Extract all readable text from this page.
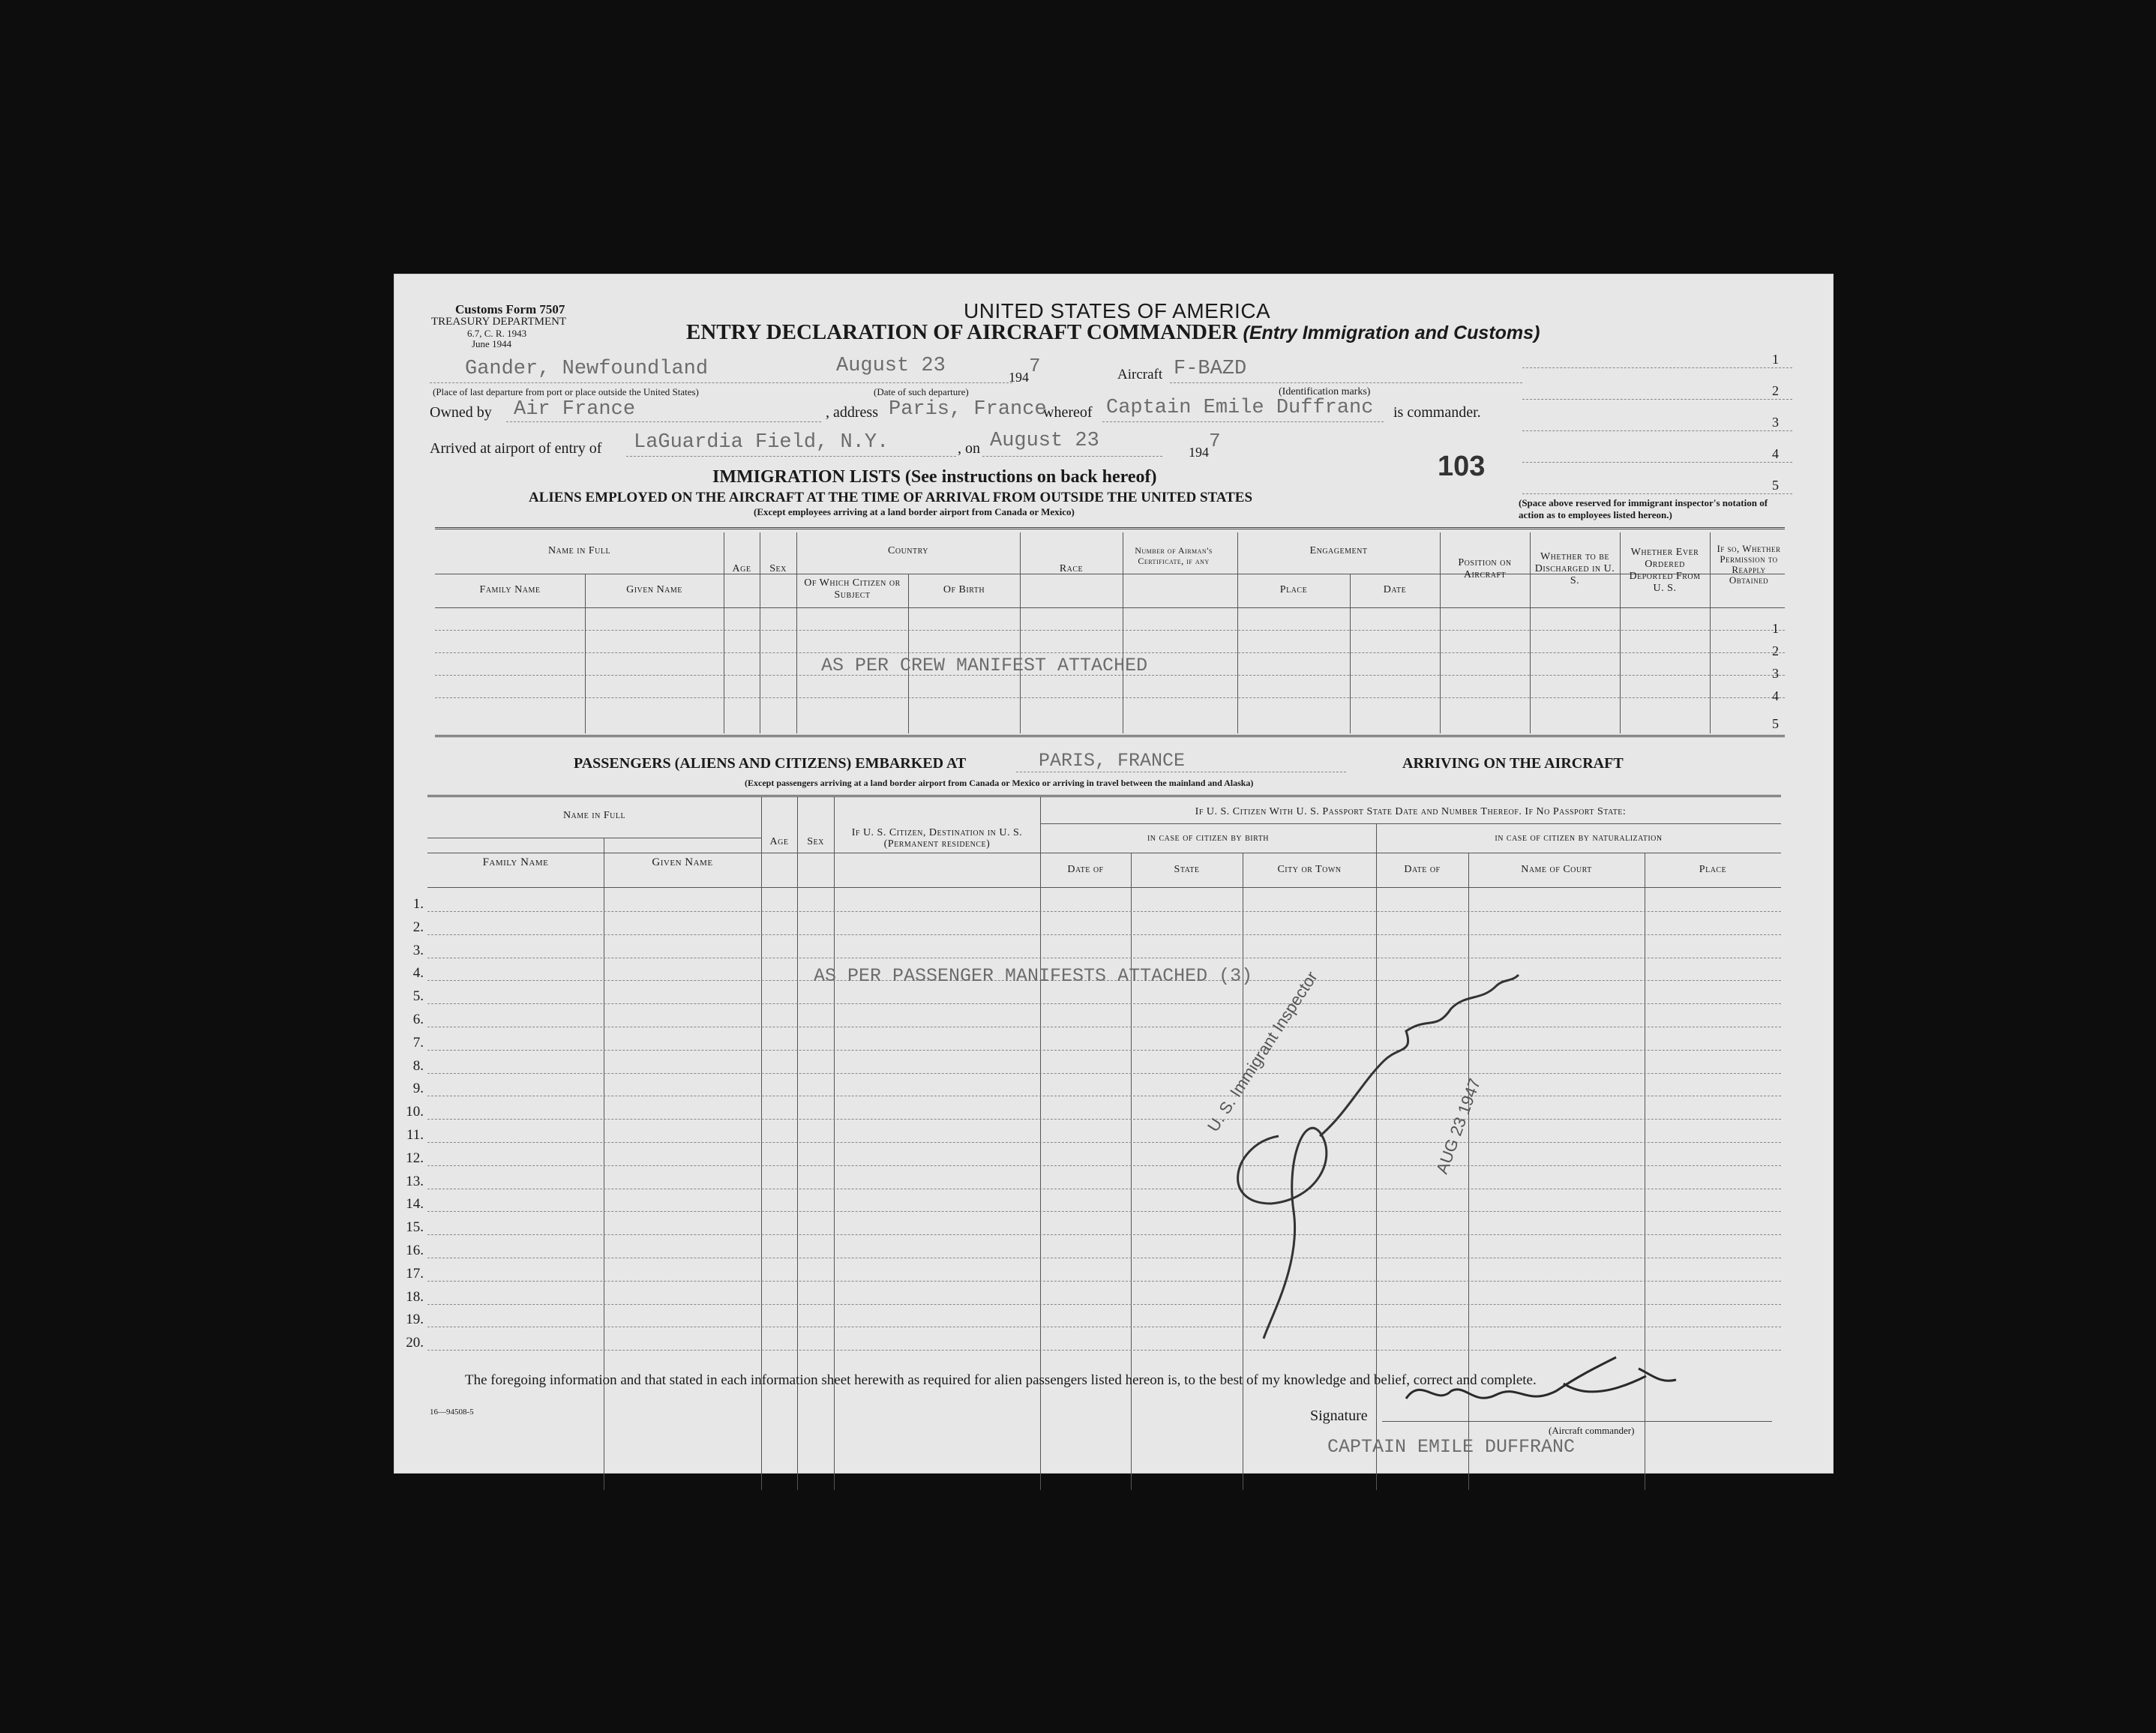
Customs Form 7507
TREASURY DEPARTMENT
6.7, C. R. 1943
June 1944
UNITED STATES OF AMERICA
ENTRY DECLARATION OF AIRCRAFT COMMANDER (Entry Immigration and Customs)
Gander, Newfoundland
(Place of last departure from port or place outside the United States)
August 23
(Date of such departure)
1947	Aircraft F-BAZD
(Identification marks)
Owned by Air France	, address Paris, France
whereof Captain Emile Duffranc is commander.
Arrived at airport of entry of LaGuardia Field, N.Y.	, on August 23	1947
103
1
2
3
4
5
(Space above reserved for immigrant inspector's notation of action as to employees listed hereon.)
IMMIGRATION LISTS (See instructions on back hereof)
ALIENS EMPLOYED ON THE AIRCRAFT AT THE TIME OF ARRIVAL FROM OUTSIDE THE UNITED STATES
(Except employees arriving at a land border airport from Canada or Mexico)
Name in Full
Family Name	Given Name
Age	Sex
Country
Of Which Citizen or Subject	Of Birth
Race
Number of Airman's Certificate, if any
Engagement
Place	Date
Position on Aircraft
Whether to be Discharged in U. S.
Whether Ever Ordered Deported From U. S.
If so, Whether Permission to Reapply Obtained
AS PER CREW MANIFEST ATTACHED
1
2
3
4
5
PASSENGERS (ALIENS AND CITIZENS) EMBARKED AT	PARIS, FRANCE	ARRIVING ON THE AIRCRAFT
(Except passengers arriving at a land border airport from Canada or Mexico or arriving in travel between the mainland and Alaska)
Name in Full
Family Name	Given Name
Age	Sex
If U. S. Citizen, Destination in U. S. (Permanent residence)
If U. S. Citizen With U. S. Passport State Date and Number Thereof. If No Passport State:
in case of citizen by birth	in case of citizen by naturalization
Date of	State	City or Town	Date of	Name of Court	Place
1.
2.
3.
4.
5.
6.
7.
8.
9.
10.
11.
12.
13.
14.
15.
16.
17.
18.
19.
20.
AS PER PASSENGER MANIFESTS ATTACHED (3)
The foregoing information and that stated in each information sheet herewith as required for alien passengers listed hereon is, to the best of my knowledge and belief, correct and complete.
16—94508-5	Signature
(Aircraft commander)
CAPTAIN EMILE DUFFRANC
U. S. Immigrant Inspector	AUG 23 1947
